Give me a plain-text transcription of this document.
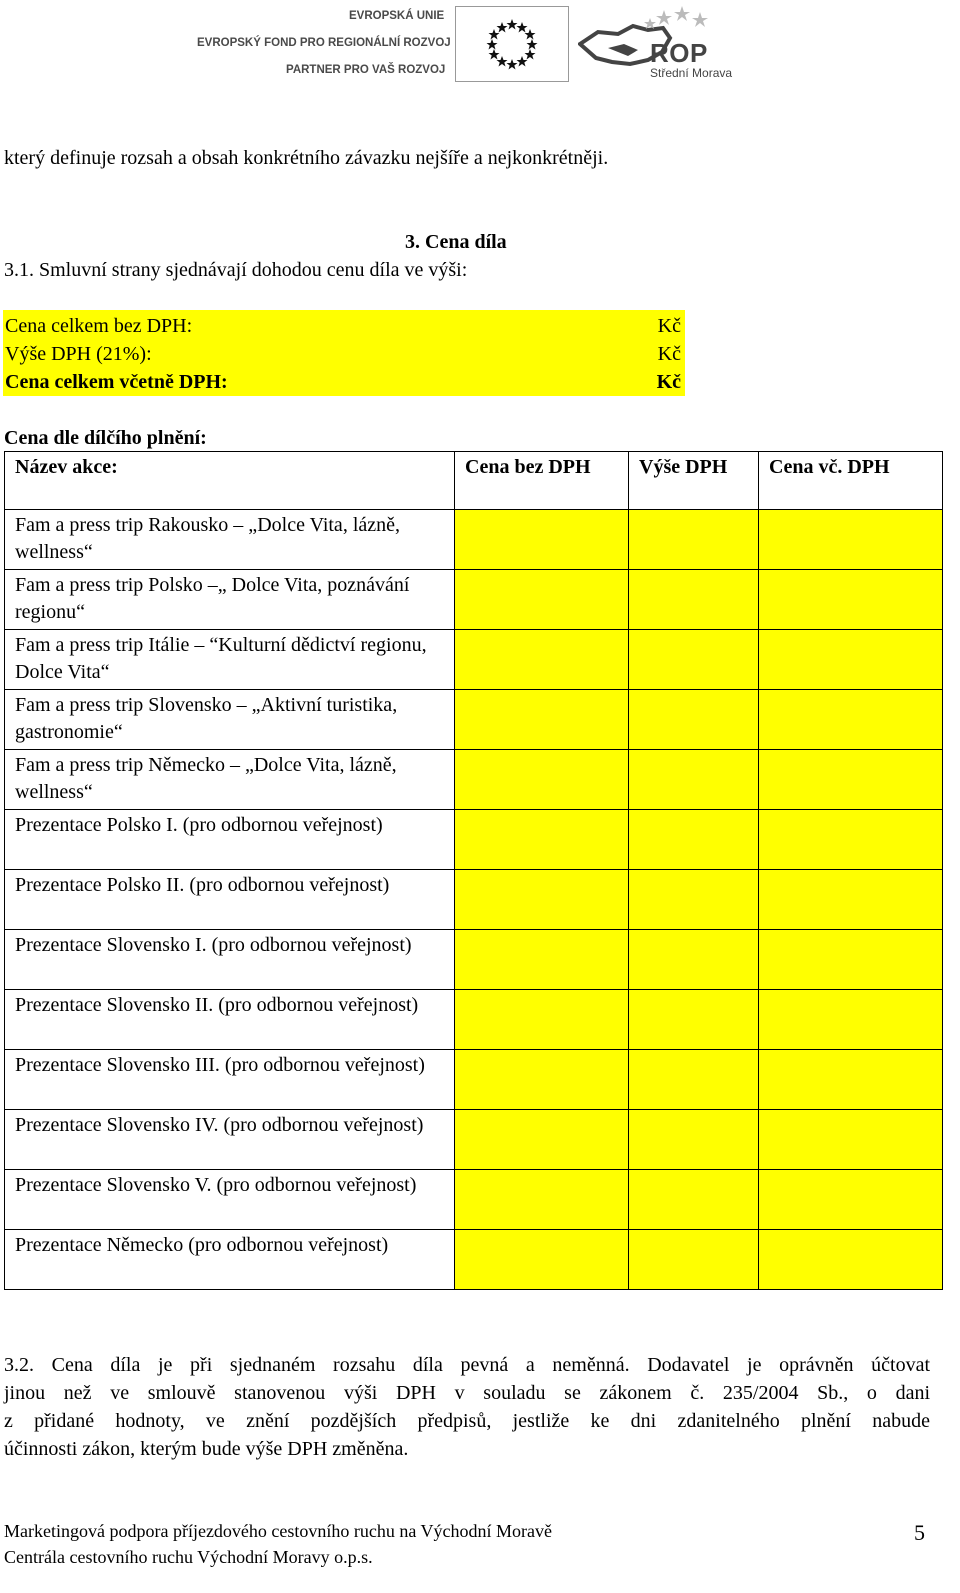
EVROPSKÁ UNIE
EVROPSKÝ FOND PRO REGIONÁLNÍ ROZVOJ
PARTNER PRO VAŠ ROZVOJ
ROP
Střední Morava
který definuje rozsah a obsah konkrétního závazku nejšíře a nejkonkrétněji.
3. Cena díla
3.1. Smluvní strany sjednávají dohodou cenu díla ve výši:
Cena celkem bez DPH:	Kč
Výše DPH (21%):	Kč
Cena celkem včetně DPH:	Kč
Cena dle dílčího plnění:
Název akce:	Cena bez DPH	Výše DPH	Cena vč. DPH
Fam a press trip Rakousko – „Dolce Vita, lázně, wellness“			
Fam a press trip Polsko –„ Dolce Vita, poznávání regionu“			
Fam a press trip Itálie – “Kulturní dědictví regionu, Dolce Vita“			
Fam a press trip Slovensko – „Aktivní turistika, gastronomie“			
Fam a press trip Německo – „Dolce Vita, lázně, wellness“			
Prezentace Polsko I. (pro odbornou veřejnost)			
Prezentace Polsko II. (pro odbornou veřejnost)			
Prezentace Slovensko I. (pro odbornou veřejnost)			
Prezentace Slovensko II. (pro odbornou veřejnost)			
Prezentace Slovensko III. (pro odbornou veřejnost)			
Prezentace Slovensko IV. (pro odbornou veřejnost)			
Prezentace Slovensko V. (pro odbornou veřejnost)			
Prezentace Německo (pro odbornou veřejnost)			
3.2. Cena díla je při sjednaném rozsahu díla pevná a neměnná. Dodavatel je oprávněn účtovat
jinou než ve smlouvě stanovenou výši DPH v souladu se zákonem č. 235/2004 Sb., o dani
z přidané hodnoty, ve znění pozdějších předpisů, jestliže ke dni zdanitelného plnění nabude
účinnosti zákon, kterým bude výše DPH změněna.
Marketingová podpora příjezdového cestovního ruchu na Východní Moravě
Centrála cestovního ruchu Východní Moravy o.p.s.
5
